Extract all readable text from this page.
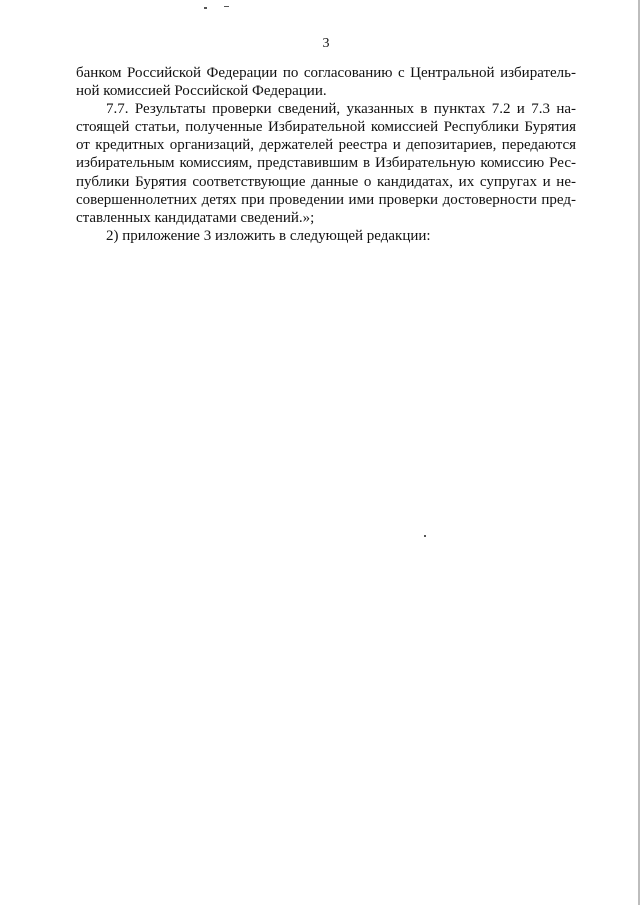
3

банком Российской Федерации по согласованию с Центральной избиратель-
ной комиссией Российской Федерации.

7.7. Результаты проверки сведений, указанных в пунктах 7.2 и 7.3 на-
стоящей статьи, полученные Избирательной комиссией Республики Бурятия
от кредитных организаций, держателей реестра и депозитариев, передаются
избирательным комиссиям, представившим в Избирательную комиссию Рес-
публики Бурятия соответствующие данные о кандидатах, их супругах и не-
совершеннолетних детях при проведении ими проверки достоверности пред-
ставленных кандидатами сведений.»;

2) приложение 3 изложить в следующей редакции:
